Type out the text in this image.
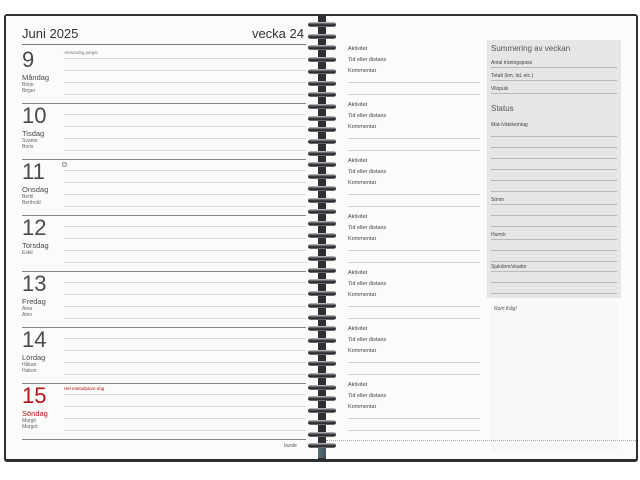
Juni 2025	vecka 24
9
Måndag
Börje
Birger
Annandag pingst
10
Tisdag
Svante
Boris
11
Onsdag
Bertil
Berthold
12
Torsdag
Eskil
13
Fredag
Aina
Aino
14
Lördag
Håkan
Hakon
15
Söndag
Margit
Margot
Hel metodiplom-dag
burde
Aktivitet
Tid eller distans
Kommentar
Aktivitet
Tid eller distans
Kommentar
Aktivitet
Tid eller distans
Kommentar
Aktivitet
Tid eller distans
Kommentar
Aktivitet
Tid eller distans
Kommentar
Aktivitet
Tid eller distans
Kommentar
Aktivitet
Tid eller distans
Kommentar
Summering av veckan
Antal träningspass
Totalt (km, tid, etc.)
Vilopuls
Status
Mat-/vätskeintag
Sömn
Humör
Sjukdom/skador
Rom ihåg!
